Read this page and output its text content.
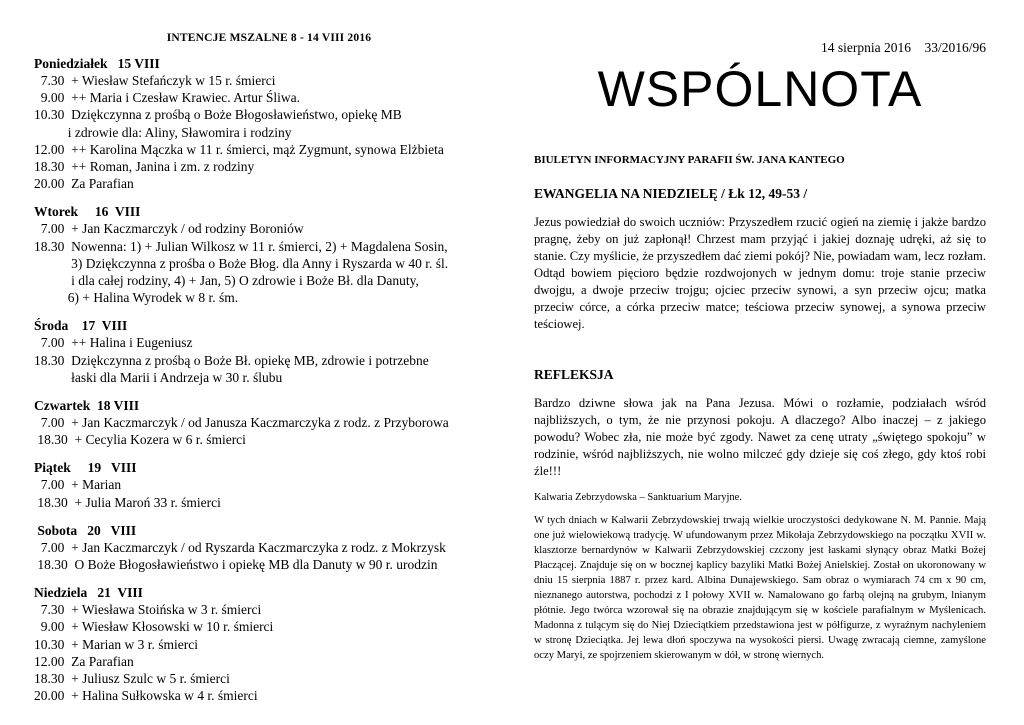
INTENCJE MSZALNE 8 - 14 VIII 2016
Poniedziałek   15 VIII
7.30  + Wiesław Stefańczyk w 15 r. śmierci
9.00  ++ Maria i Czesław Krawiec. Artur Śliwa.
10.30  Dziękczynna z prośbą o Boże Błogosławieństwo, opiekę MB
i zdrowie dla: Aliny, Sławomira i rodziny
12.00  ++ Karolina Mączka w 11 r. śmierci, mąż Zygmunt, synowa Elżbieta
18.30  ++ Roman, Janina i zm. z rodziny
20.00  Za Parafian
Wtorek     16  VIII
7.00  + Jan Kaczmarczyk / od rodziny Boroniów
18.30  Nowenna: 1) + Julian Wilkosz w 11 r. śmierci, 2) + Magdalena Sosin,
3) Dziękczynna z prośba o Boże Błog. dla Anny i Ryszarda w 40 r. śl.
i dla całej rodziny, 4) + Jan, 5) O zdrowie i Boże Bł. dla Danuty,
6) + Halina Wyrodek w 8 r. śm.
Środa    17  VIII
7.00  ++ Halina i Eugeniusz
18.30  Dziękczynna z prośbą o Boże Bł. opiekę MB, zdrowie i potrzebne
łaski dla Marii i Andrzeja w 30 r. ślubu
Czwartek  18 VIII
7.00  + Jan Kaczmarczyk / od Janusza Kaczmarczyka z rodz. z Przyborowa
18.30  + Cecylia Kozera w 6 r. śmierci
Piątek     19   VIII
7.00  + Marian
18.30  + Julia Maroń 33 r. śmierci
Sobota   20   VIII
7.00  + Jan Kaczmarczyk / od Ryszarda Kaczmarczyka z rodz. z Mokrzysk
18.30  O Boże Błogosławieństwo i opiekę MB dla Danuty w 90 r. urodzin
Niedziela   21  VIII
7.30  + Wiesława Stoińska w 3 r. śmierci
9.00  + Wiesław Kłosowski w 10 r. śmierci
10.30  + Marian w 3 r. śmierci
12.00  Za Parafian
18.30  + Juliusz Szulc w 5 r. śmierci
20.00  + Halina Sułkowska w 4 r. śmierci
14 sierpnia 2016 33/2016/96
WSPÓLNOTA
BIULETYN INFORMACYJNY PARAFII ŚW. JANA KANTEGO
EWANGELIA NA NIEDZIELĘ / Łk 12, 49-53 /
Jezus powiedział do swoich uczniów: Przyszedłem rzucić ogień na ziemię i jakże bardzo pragnę, żeby on już zapłonął! Chrzest mam przyjąć i jakiej doznaję udręki, aż się to stanie. Czy myślicie, że przyszedłem dać ziemi pokój? Nie, powiadam wam, lecz rozłam. Odtąd bowiem pięcioro będzie rozdwojonych w jednym domu: troje stanie przeciw dwojgu, a dwoje przeciw trojgu; ojciec przeciw synowi, a syn przeciw ojcu; matka przeciw córce, a córka przeciw matce; teściowa przeciw synowej, a synowa przeciw teściowej.
REFLEKSJA
Bardzo dziwne słowa jak na Pana Jezusa. Mówi o rozłamie, podziałach wśród najbliższych, o tym, że nie przynosi pokoju. A dlaczego? Albo inaczej – z jakiego powodu? Wobec zła, nie może być zgody. Nawet za cenę utraty „świętego spokoju” w rodzinie, wśród najbliższych, nie wolno milczeć gdy dzieje się coś złego, gdy ktoś robi źle!!!
Kalwaria Zebrzydowska – Sanktuarium Maryjne.
W tych dniach w Kalwarii Zebrzydowskiej trwają wielkie uroczystości dedykowane N. M. Pannie. Mają one już wielowiekową tradycję. W ufundowanym przez Mikołaja Zebrzydowskiego na początku XVII w. klasztorze bernardynów w Kalwarii Zebrzydowskiej czczony jest łaskami słynący obraz Matki Bożej Płaczącej. Znajduje się on w bocznej kaplicy bazyliki Matki Bożej Anielskiej. Został on ukoronowany w dniu 15 sierpnia 1887 r. przez kard. Albina Dunajewskiego. Sam obraz o wymiarach 74 cm x 90 cm, nieznanego autorstwa, pochodzi z I połowy XVII w. Namalowano go farbą olejną na grubym, lnianym płótnie. Jego twórca wzorował się na obrazie znajdującym się w kościele parafialnym w Myślenicach. Madonna z tulącym się do Niej Dzieciątkiem przedstawiona jest w półfigurze, z wyraźnym nachyleniem w stronę Dzieciątka. Jej lewa dłoń spoczywa na wysokości piersi. Uwagę zwracają ciemne, zamyślone oczy Maryi, ze spojrzeniem skierowanym w dół, w stronę wiernych.
